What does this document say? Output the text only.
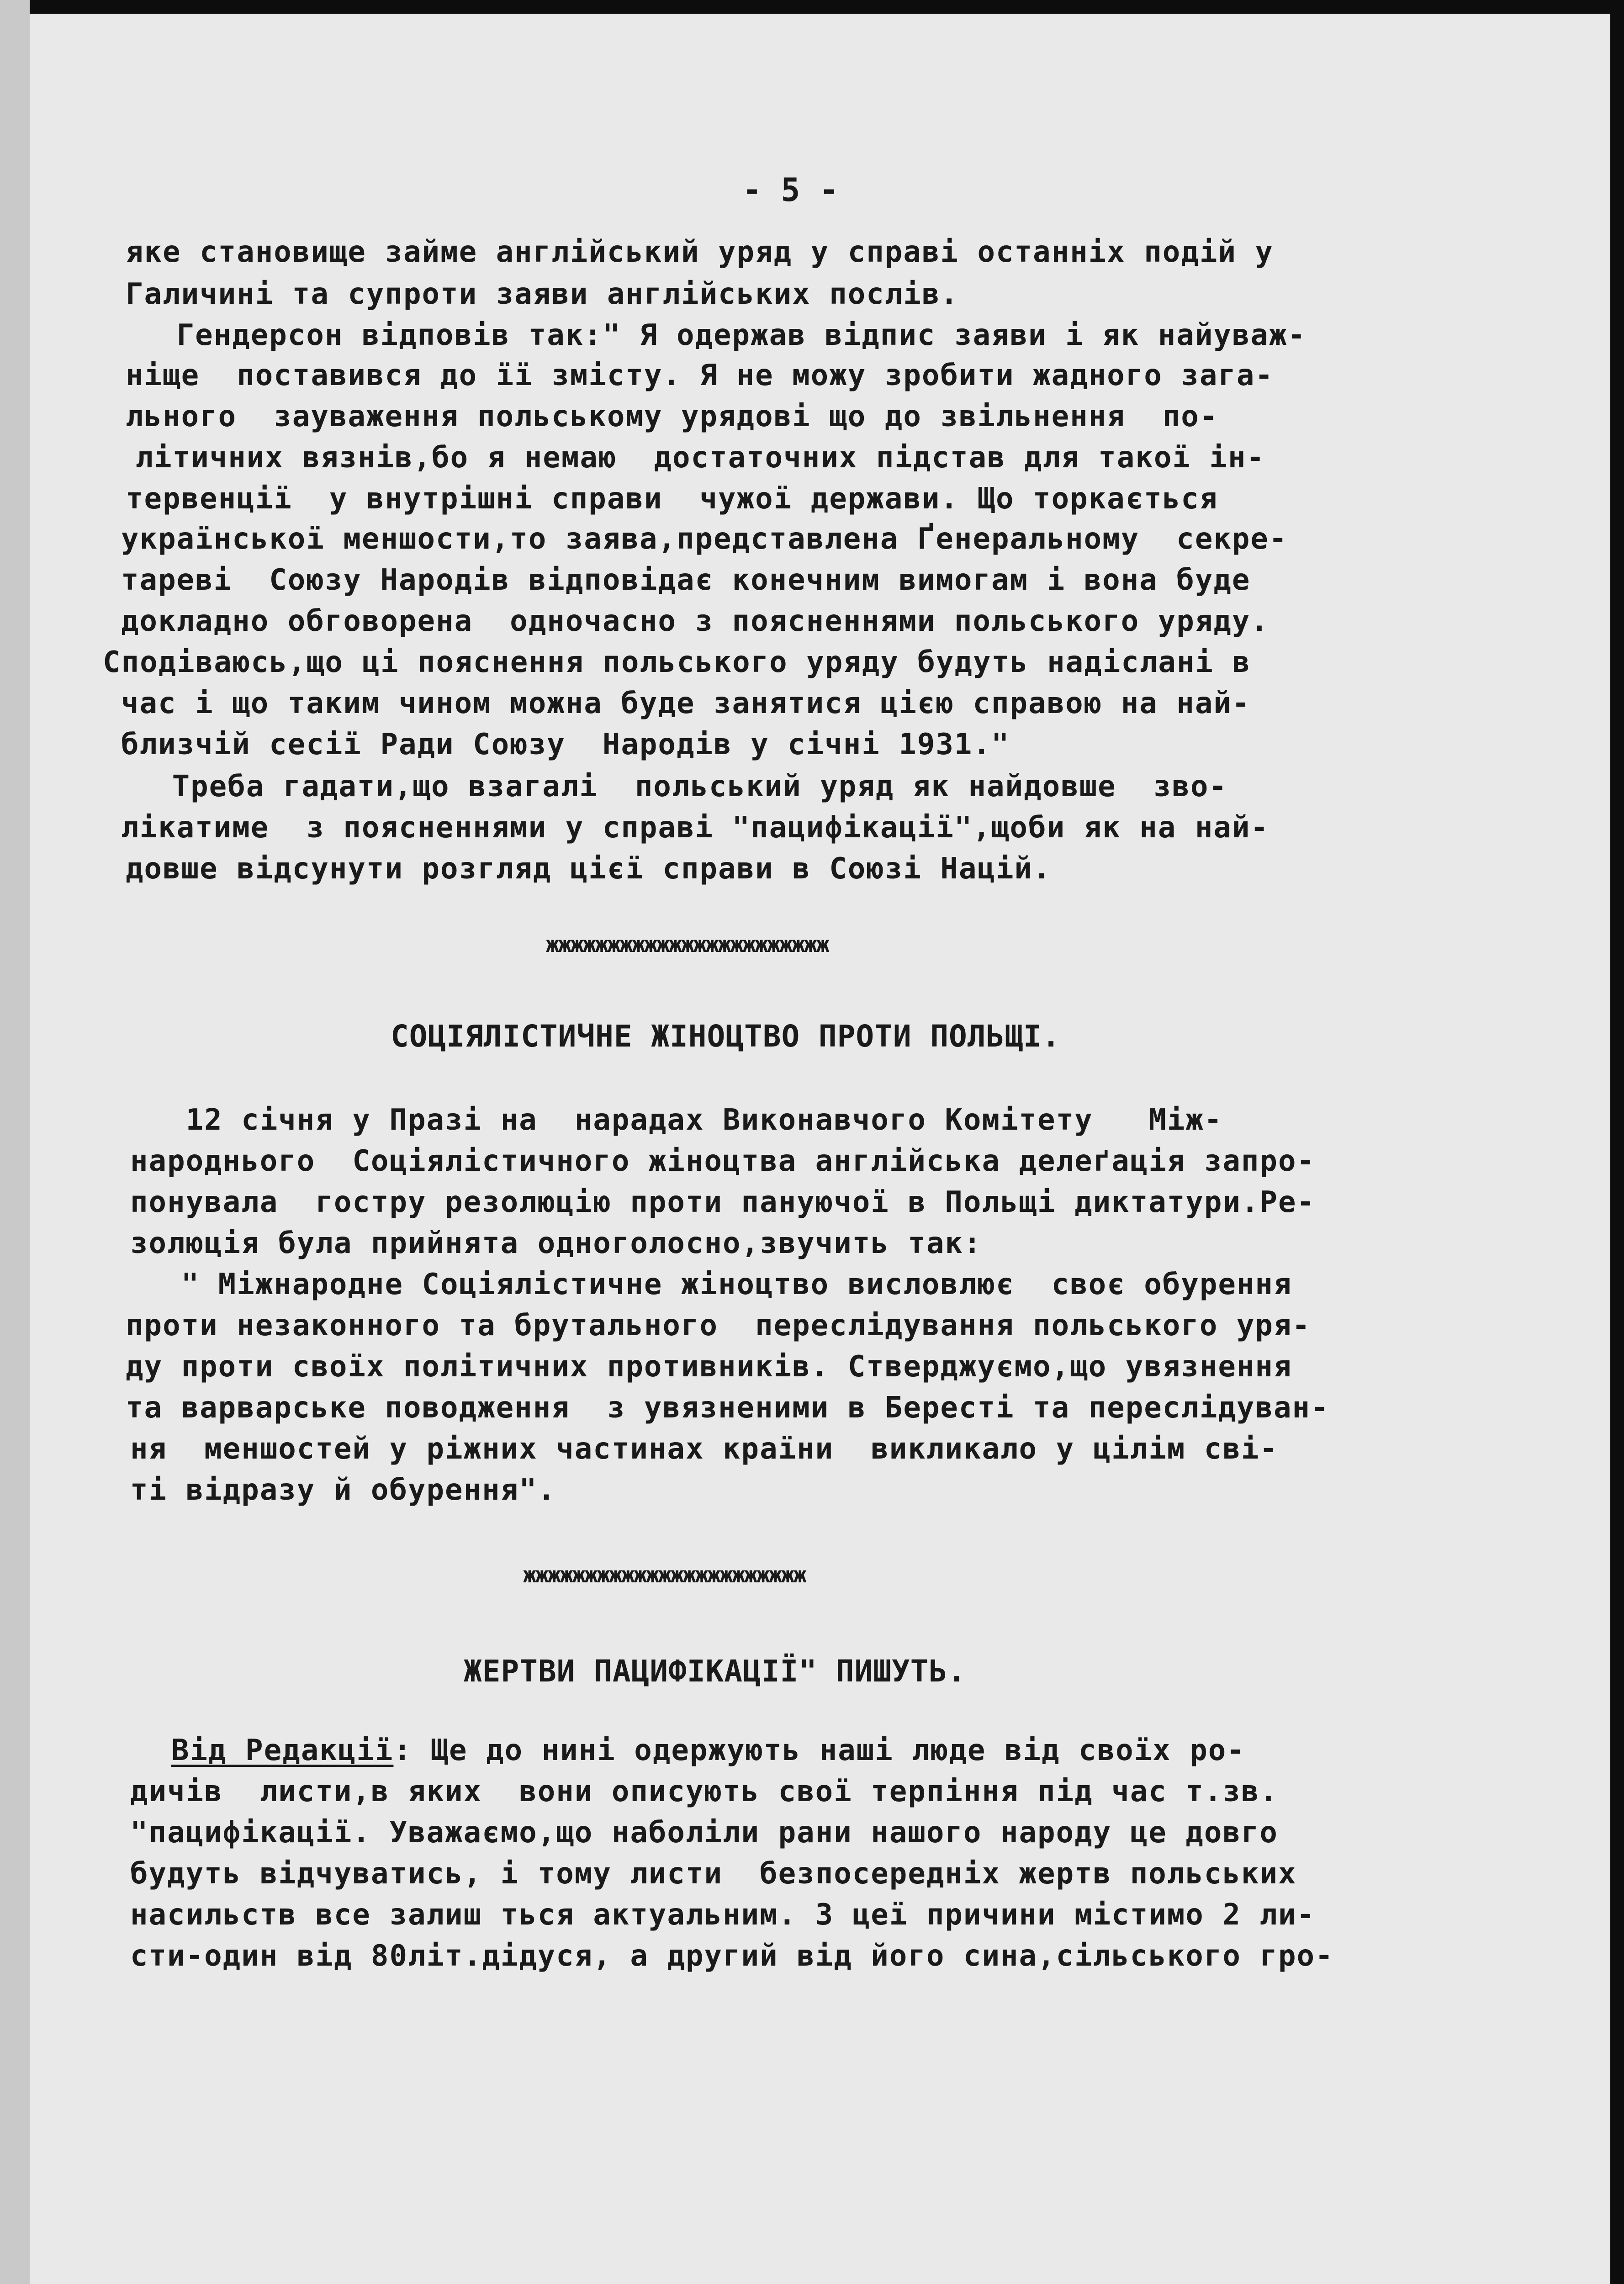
- 5 -
яке становище займе англійський уряд у справі останніх подій у
Галичині та супроти заяви англійських послів.
Гендерсон відповів так:" Я одержав відпис заяви і як найуваж-
ніще  поставився до її змісту. Я не можу зробити жадного зага-
льного  зауваження польському урядові що до звільнення  по-
літичних вязнів,бо я немаю  достаточних підстав для такої ін-
тервенції  у внутрішні справи  чужої держави. Що торкається
української меншости,то заява,представлена Ґенеральному  секре-
тареві  Союзу Народів відповідає конечним вимогам і вона буде
докладно обговорена  одночасно з поясненнями польського уряду.
Сподіваюсь,що ці пояснення польського уряду будуть надіслані в
час і що таким чином можна буде занятися цією справою на най-
близчій сесії Ради Союзу  Народів у січні 1931."
Треба гадати,що взагалі  польський уряд як найдовше  зво-
лікатиме  з поясненнями у справі "пацифікації",щоби як на най-
довше відсунути розгляд цієї справи в Союзі Націй.
жжжжжжжжжжжжжжжжжжжжжжж
СОЦІЯЛІСТИЧНЕ ЖІНОЦТВО ПРОТИ ПОЛЬЩІ.
12 січня у Празі на  нарадах Виконавчого Комітету   Між-
народнього  Соціялістичного жіноцтва англійська делеґація запро-
понувала  гостру резолюцію проти пануючої в Польщі диктатури.Ре-
золюція була прийнята одноголосно,звучить так:
" Міжнародне Соціялістичне жіноцтво висловлює  своє обурення
проти незаконного та брутального  переслідування польського уря-
ду проти своїх політичних противників. Стверджуємо,що увязнення
та варварське поводження  з увязненими в Бересті та переслідуван-
ня  меншостей у ріжних частинах країни  викликало у цілім сві-
ті відразу й обурення".
жжжжжжжжжжжжжжжжжжжжжжж
ЖЕРТВИ ПАЦИФІКАЦІЇ" ПИШУТЬ.
Від Редакції: Ще до нині одержують наші люде від своїх ро-
дичів  листи,в яких  вони описують свої терпіння під час т.зв.
"пацифікації. Уважаємо,що наболіли рани нашого народу це довго
будуть відчуватись, і тому листи  безпосередніх жертв польських
насильств все залиш ться актуальним. З цеї причини містимо 2 ли-
сти-один від 80літ.дідуся, а другий від його сина,сільського гро-
